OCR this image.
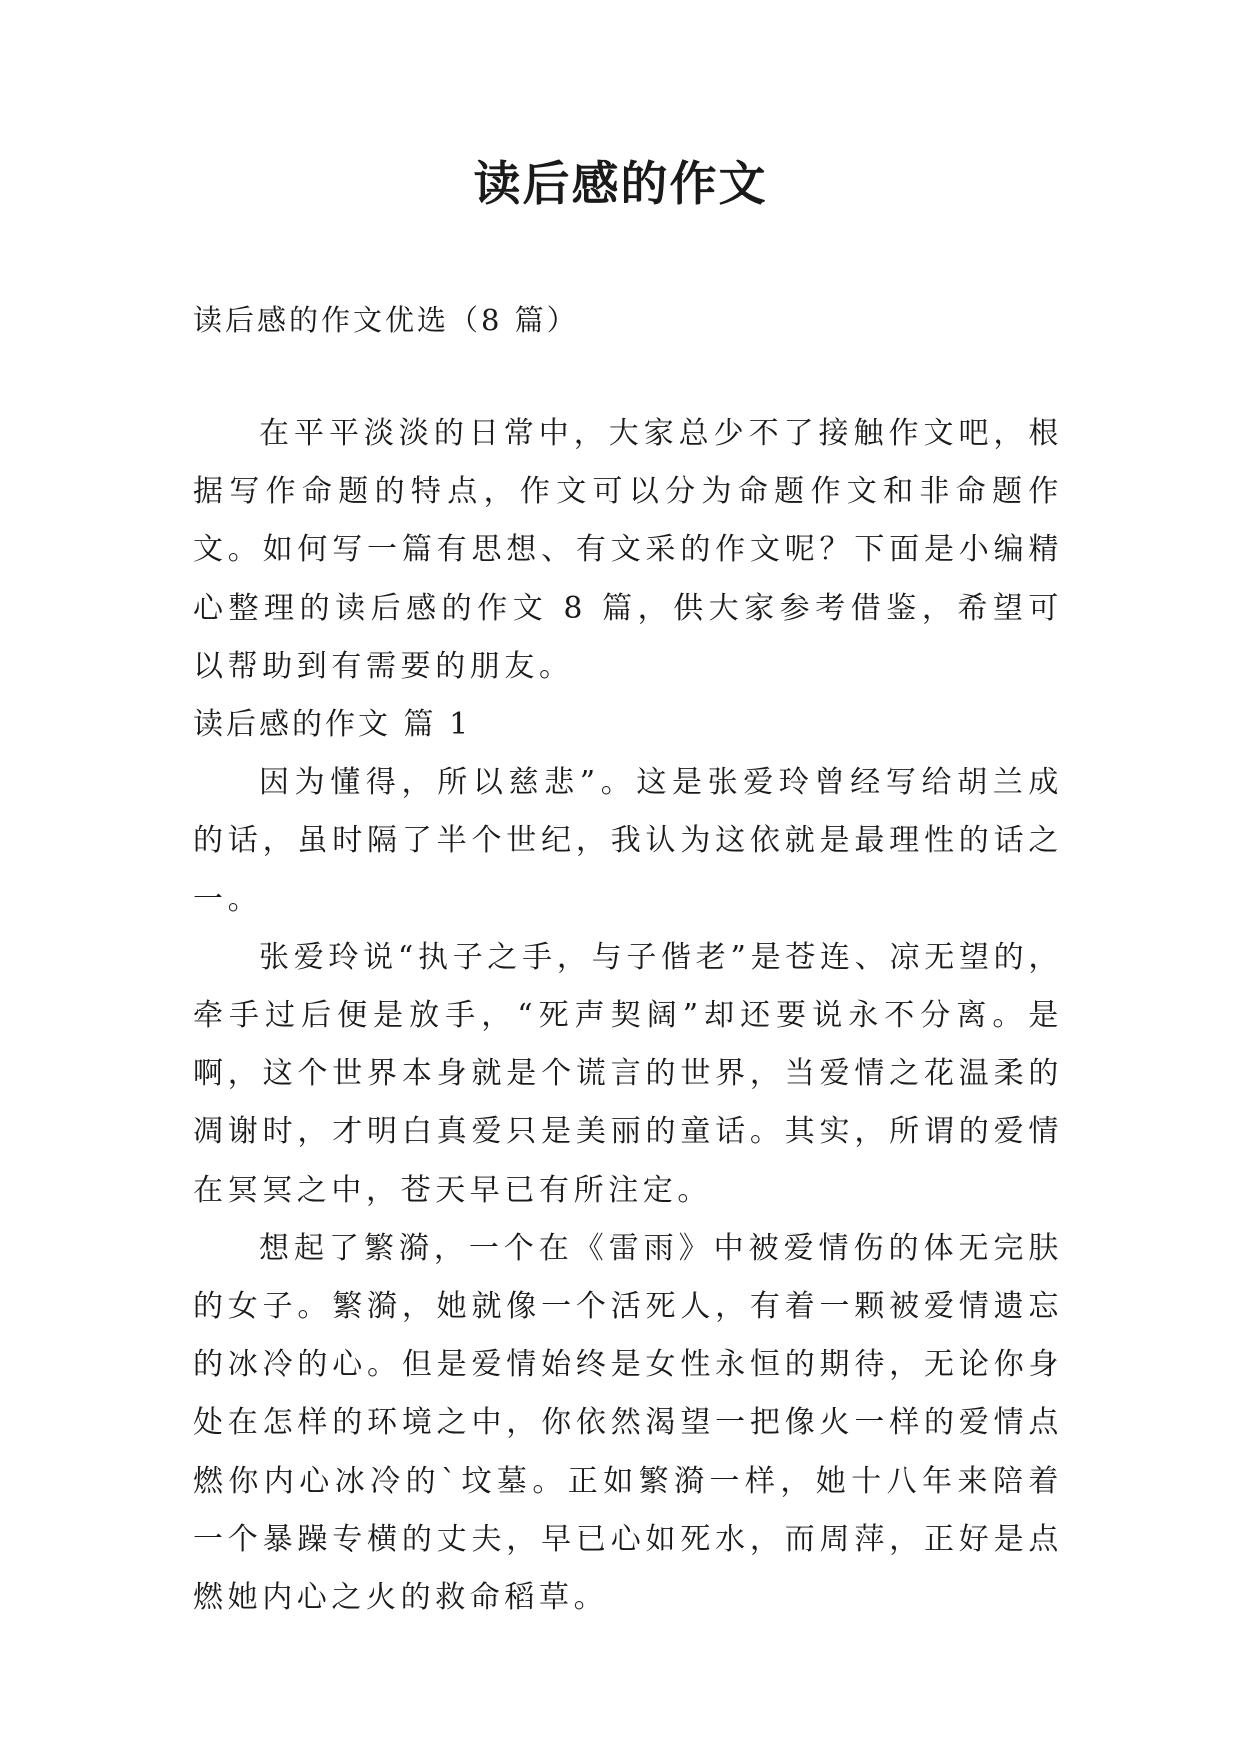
读后感的作文

读后感的作文优选（8 篇）

在平平淡淡的日常中，大家总少不了接触作文吧，根据写作命题的特点，作文可以分为命题作文和非命题作文。如何写一篇有思想、有文采的作文呢？下面是小编精心整理的读后感的作文 8 篇，供大家参考借鉴，希望可以帮助到有需要的朋友。

读后感的作文 篇 1

因为懂得，所以慈悲”。这是张爱玲曾经写给胡兰成的话，虽时隔了半个世纪，我认为这依就是最理性的话之一。

张爱玲说“执子之手，与子偕老”是苍连、凉无望的，牵手过后便是放手，“死声契阔”却还要说永不分离。是啊，这个世界本身就是个谎言的世界，当爱情之花温柔的凋谢时，才明白真爱只是美丽的童话。其实，所谓的爱情在冥冥之中，苍天早已有所注定。

想起了繁漪，一个在《雷雨》中被爱情伤的体无完肤的女子。繁漪，她就像一个活死人，有着一颗被爱情遗忘的冰冷的心。但是爱情始终是女性永恒的期待，无论你身处在怎样的环境之中，你依然渴望一把像火一样的爱情点燃你内心冰冷的`坟墓。正如繁漪一样，她十八年来陪着一个暴躁专横的丈夫，早已心如死水，而周萍，正好是点燃她内心之火的救命稻草。
